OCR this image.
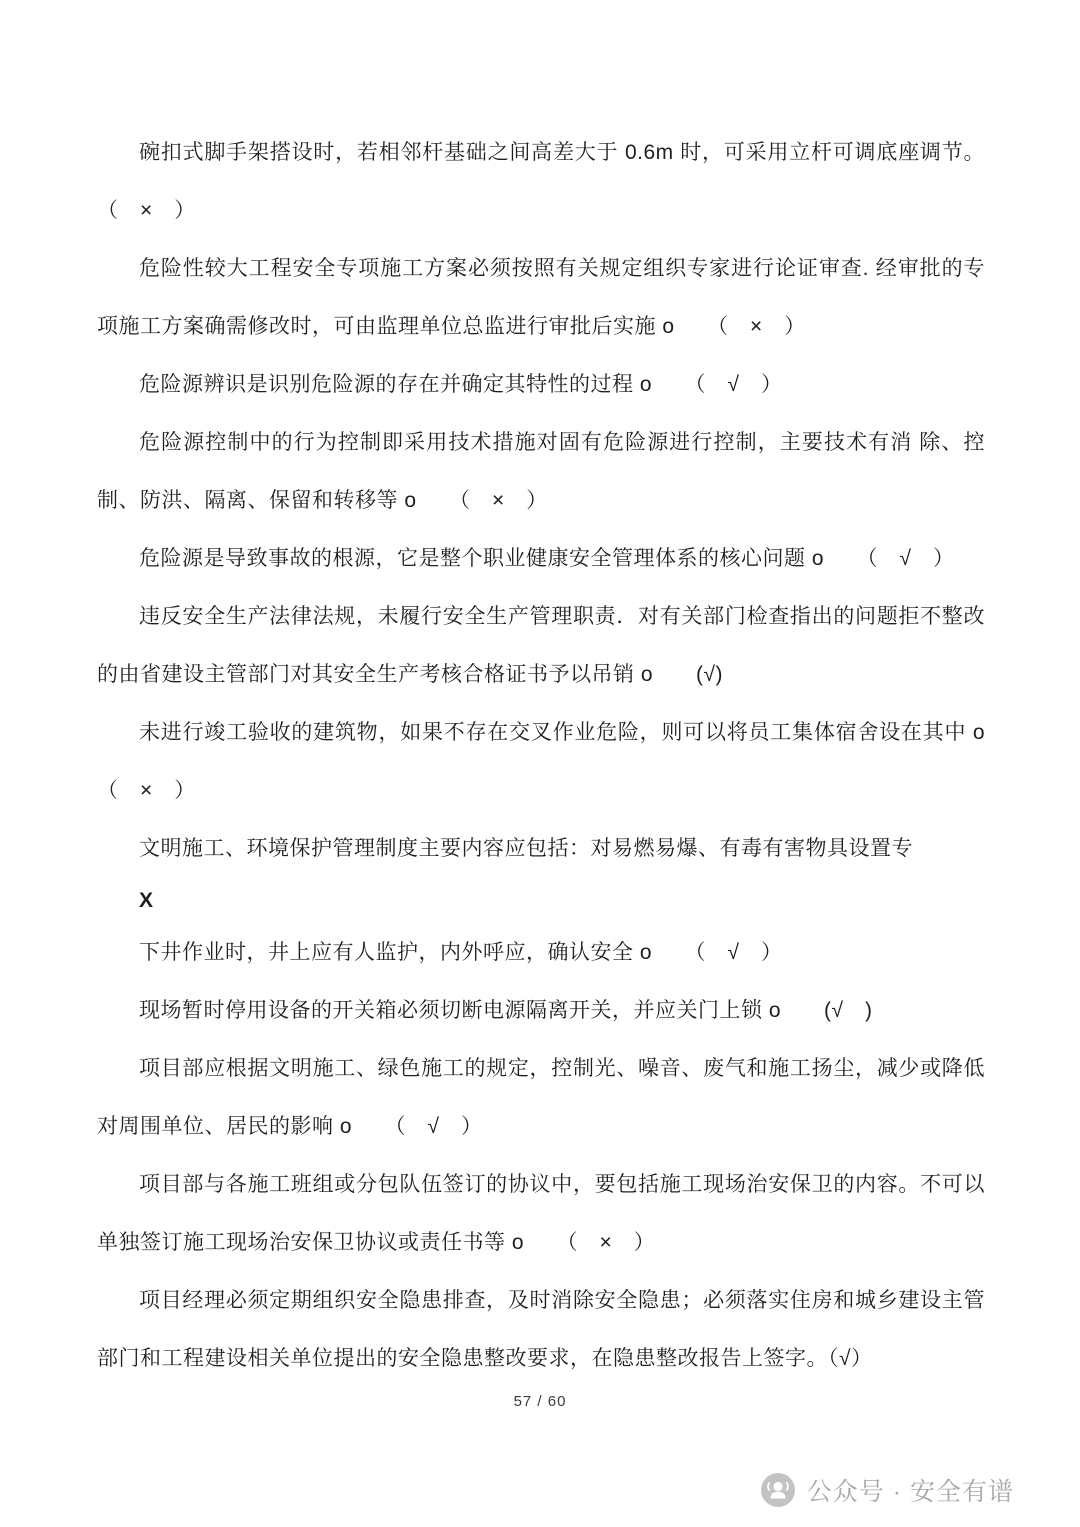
碗扣式脚手架搭设时，若相邻杆基础之间高差大于 0.6m 时，可采用立杆可调底座调节。（　×　）

危险性较大工程安全专项施工方案必须按照有关规定组织专家进行论证审查. 经审批的专项施工方案确需修改时，可由监理单位总监进行审批后实施 o　　（　×　）

危险源辨识是识别危险源的存在并确定其特性的过程 o　　（　√　）

危险源控制中的行为控制即采用技术措施对固有危险源进行控制，主要技术有消 除、控制、防洪、隔离、保留和转移等 o　　（　×　）

危险源是导致事故的根源，它是整个职业健康安全管理体系的核心问题 o　　（　√　）

违反安全生产法律法规，未履行安全生产管理职责．对有关部门检查指出的问题拒不整改的由省建设主管部门对其安全生产考核合格证书予以吊销 o　　(√)

未进行竣工验收的建筑物，如果不存在交叉作业危险，则可以将员工集体宿舍设在其中 o　（　×　）

文明施工、环境保护管理制度主要内容应包括：对易燃易爆、有毒有害物具设置专

X

下井作业时，井上应有人监护，内外呼应，确认安全 o　　（　√　）

现场暂时停用设备的开关箱必须切断电源隔离开关，并应关门上锁 o　　(√　)

项目部应根据文明施工、绿色施工的规定，控制光、噪音、废气和施工扬尘，减少或降低对周围单位、居民的影响 o　　（　√　）

项目部与各施工班组或分包队伍签订的协议中，要包括施工现场治安保卫的内容。不可以单独签订施工现场治安保卫协议或责任书等 o　　（　×　）

项目经理必须定期组织安全隐患排查，及时消除安全隐患；必须落实住房和城乡建设主管部门和工程建设相关单位提出的安全隐患整改要求，在隐患整改报告上签字。（√）

57 / 60
公众号 · 安全有谱
